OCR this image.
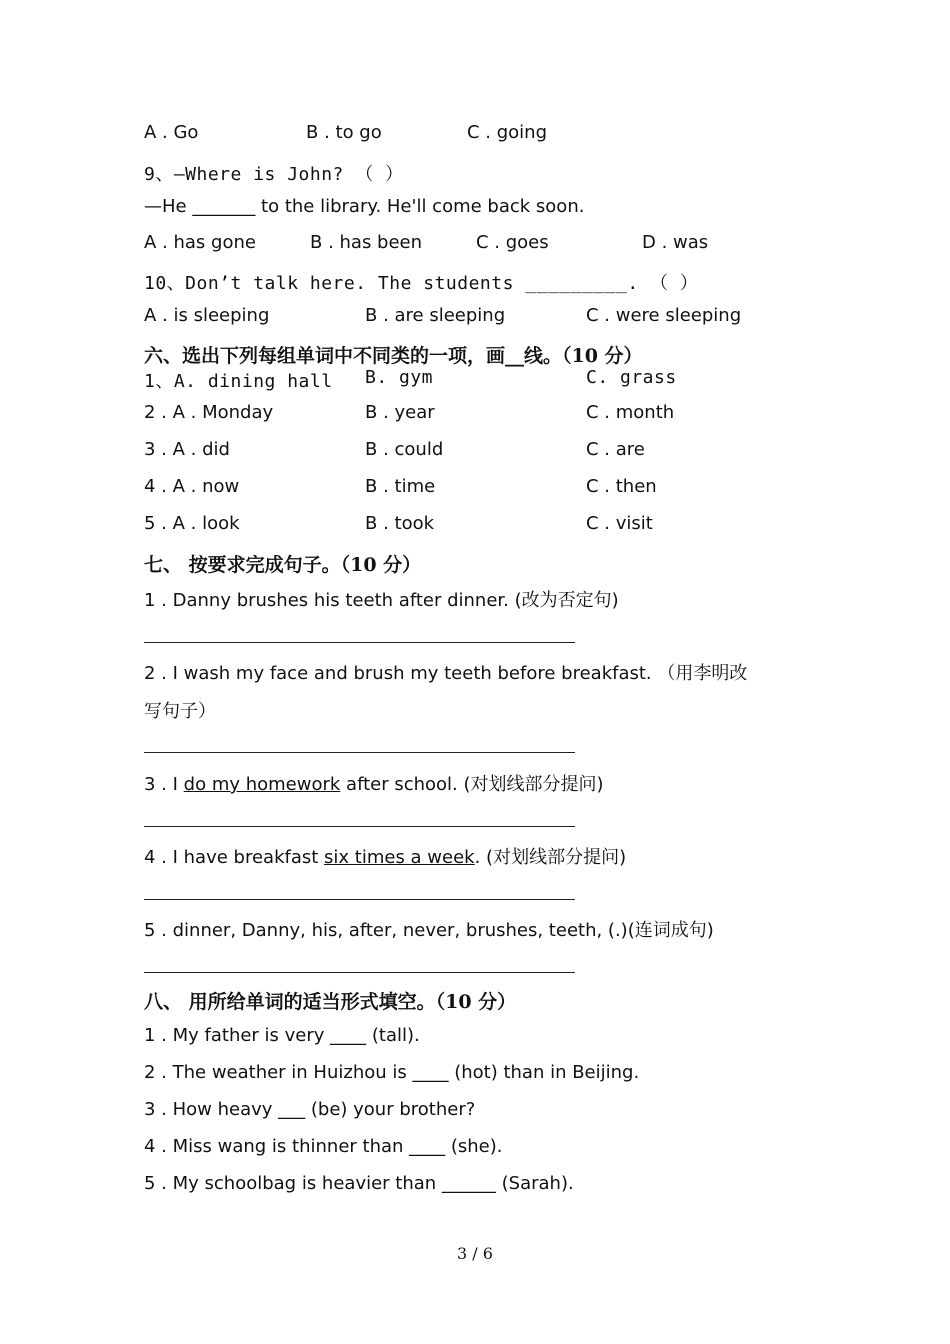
A . Go	B . to go	C . going
9、—Where is John? （ ）
—He _______ to the library. He'll come back soon.
A . has gone	B . has been	C . goes	D . was
10、Don’t talk here. The students _________. （ ）
A . is sleeping	B . are sleeping	C . were sleeping
六、选出下列每组单词中不同类的一项，画__线。（10 分）
1、A. dining hall B. gym	C. grass
2 . A . Monday	B . year	C . month
3 . A . did	B . could	C . are
4 . A . now	B . time	C . then
5 . A . look	B . took	C . visit
七、 按要求完成句子。（10 分）
1 . Danny brushes his teeth after dinner. (改为否定句)
2 . I wash my face and brush my teeth before breakfast. （用李明改
写句子）
3 . I do my homework after school. (对划线部分提问)
4 . I have breakfast six times a week. (对划线部分提问)
5 . dinner, Danny, his, after, never, brushes, teeth, (.)(连词成句)
八、 用所给单词的适当形式填空。（10 分）
1 . My father is very ____ (tall).
2 . The weather in Huizhou is ____ (hot) than in Beijing.
3 . How heavy ___ (be) your brother?
4 . Miss wang is thinner than ____ (she).
5 . My schoolbag is heavier than ______ (Sarah).
3 / 6
